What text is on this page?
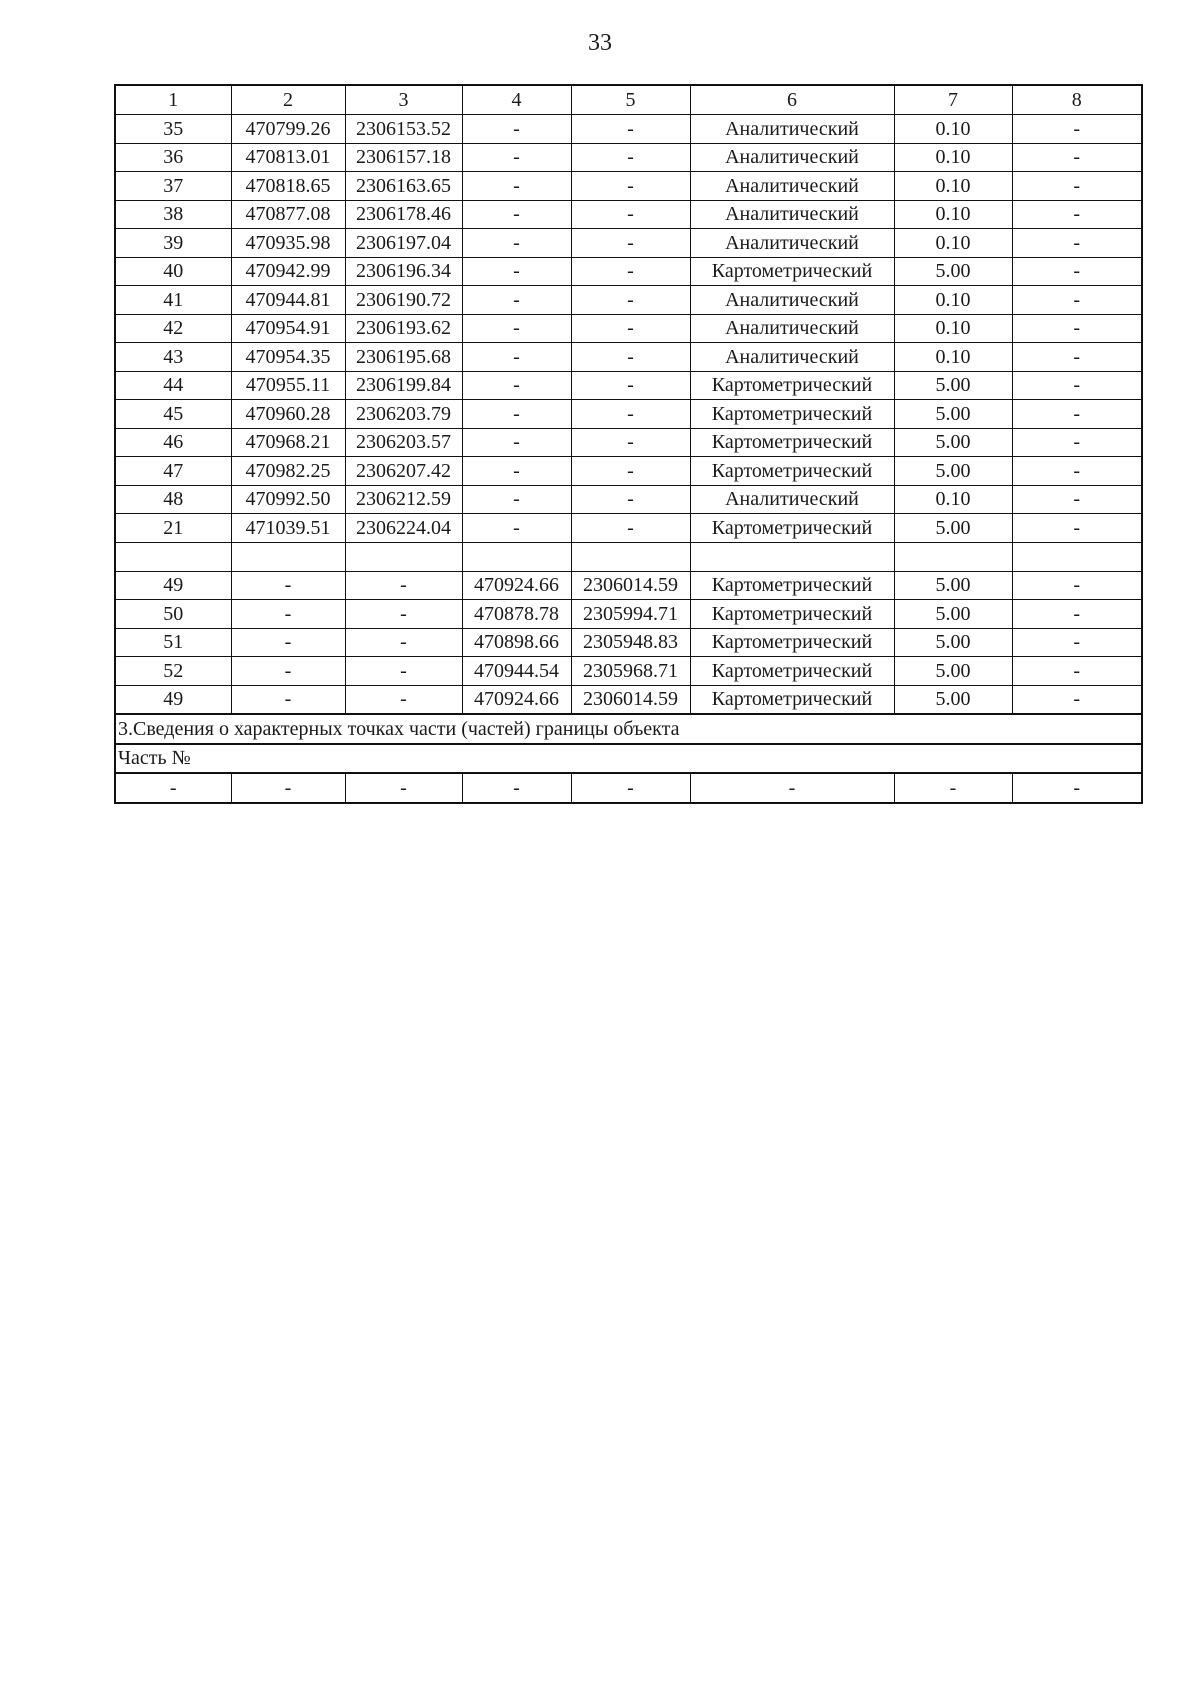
33
1	2	3	4	5	6	7	8
35	470799.26	2306153.52	-	-	Аналитический	0.10	-
36	470813.01	2306157.18	-	-	Аналитический	0.10	-
37	470818.65	2306163.65	-	-	Аналитический	0.10	-
38	470877.08	2306178.46	-	-	Аналитический	0.10	-
39	470935.98	2306197.04	-	-	Аналитический	0.10	-
40	470942.99	2306196.34	-	-	Картометрический	5.00	-
41	470944.81	2306190.72	-	-	Аналитический	0.10	-
42	470954.91	2306193.62	-	-	Аналитический	0.10	-
43	470954.35	2306195.68	-	-	Аналитический	0.10	-
44	470955.11	2306199.84	-	-	Картометрический	5.00	-
45	470960.28	2306203.79	-	-	Картометрический	5.00	-
46	470968.21	2306203.57	-	-	Картометрический	5.00	-
47	470982.25	2306207.42	-	-	Картометрический	5.00	-
48	470992.50	2306212.59	-	-	Аналитический	0.10	-
21	471039.51	2306224.04	-	-	Картометрический	5.00	-

49	-	-	470924.66	2306014.59	Картометрический	5.00	-
50	-	-	470878.78	2305994.71	Картометрический	5.00	-
51	-	-	470898.66	2305948.83	Картометрический	5.00	-
52	-	-	470944.54	2305968.71	Картометрический	5.00	-
49	-	-	470924.66	2306014.59	Картометрический	5.00	-
3.Сведения о характерных точках части (частей) границы объекта							
Часть №							
-	-	-	-	-	-	-	-
